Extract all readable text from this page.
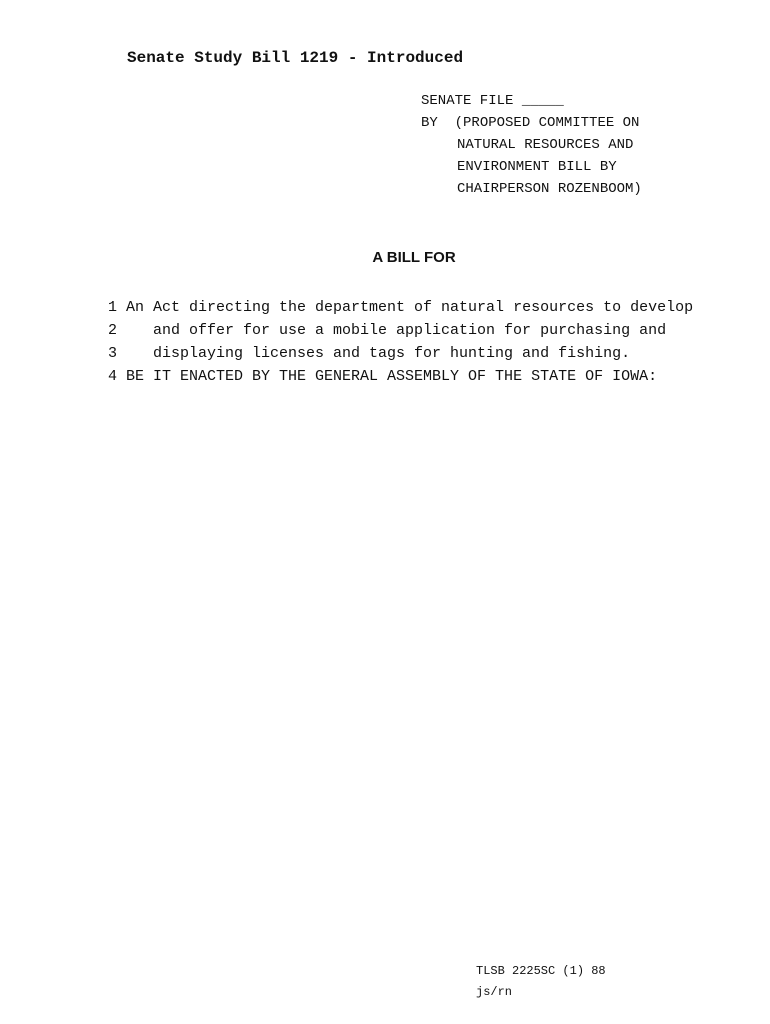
Senate Study Bill 1219 - Introduced
SENATE FILE _____
BY (PROPOSED COMMITTEE ON
NATURAL RESOURCES AND
ENVIRONMENT BILL BY
CHAIRPERSON ROZENBOOM)
A BILL FOR
1 An Act directing the department of natural resources to develop
2	and offer for use a mobile application for purchasing and
3	displaying licenses and tags for hunting and fishing.
4 BE IT ENACTED BY THE GENERAL ASSEMBLY OF THE STATE OF IOWA:
TLSB 2225SC (1) 88
js/rn
